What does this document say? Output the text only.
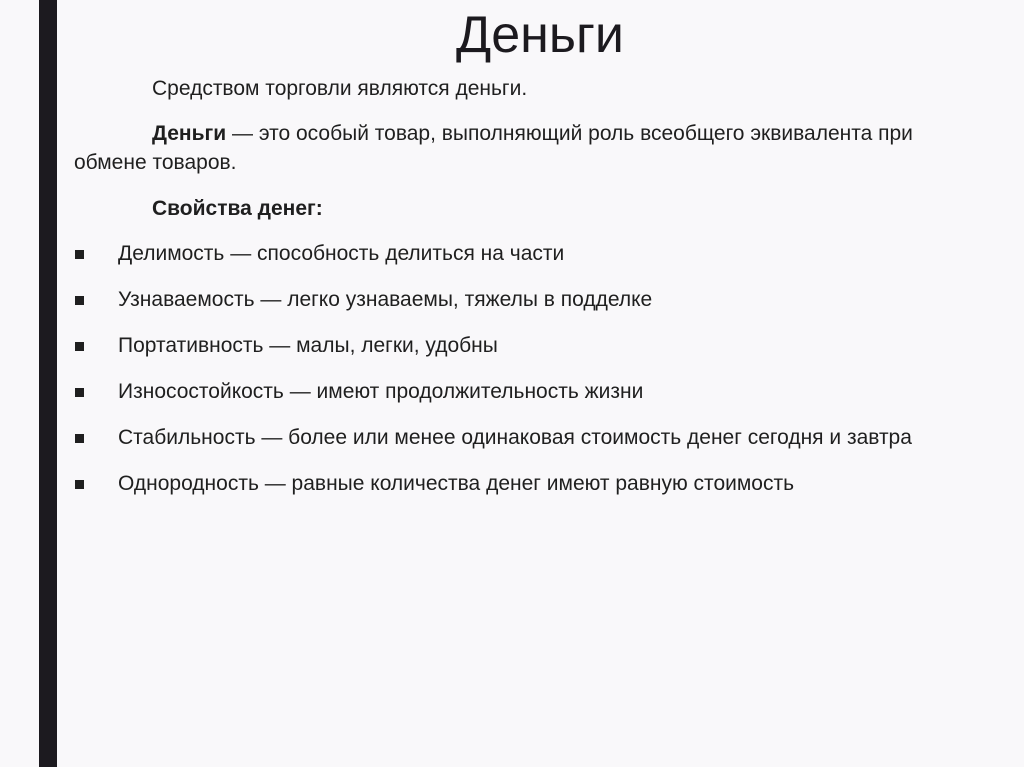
Деньги

Средством торговли являются деньги.

Деньги — это особый товар, выполняющий роль всеобщего эквивалента при обмене товаров.

Свойства денег:

Делимость — способность делиться на части
Узнаваемость — легко узнаваемы, тяжелы в подделке
Портативность — малы, легки, удобны
Износостойкость — имеют продолжительность жизни
Стабильность — более или менее одинаковая стоимость денег сегодня и завтра
Однородность — равные количества денег имеют равную стоимость
